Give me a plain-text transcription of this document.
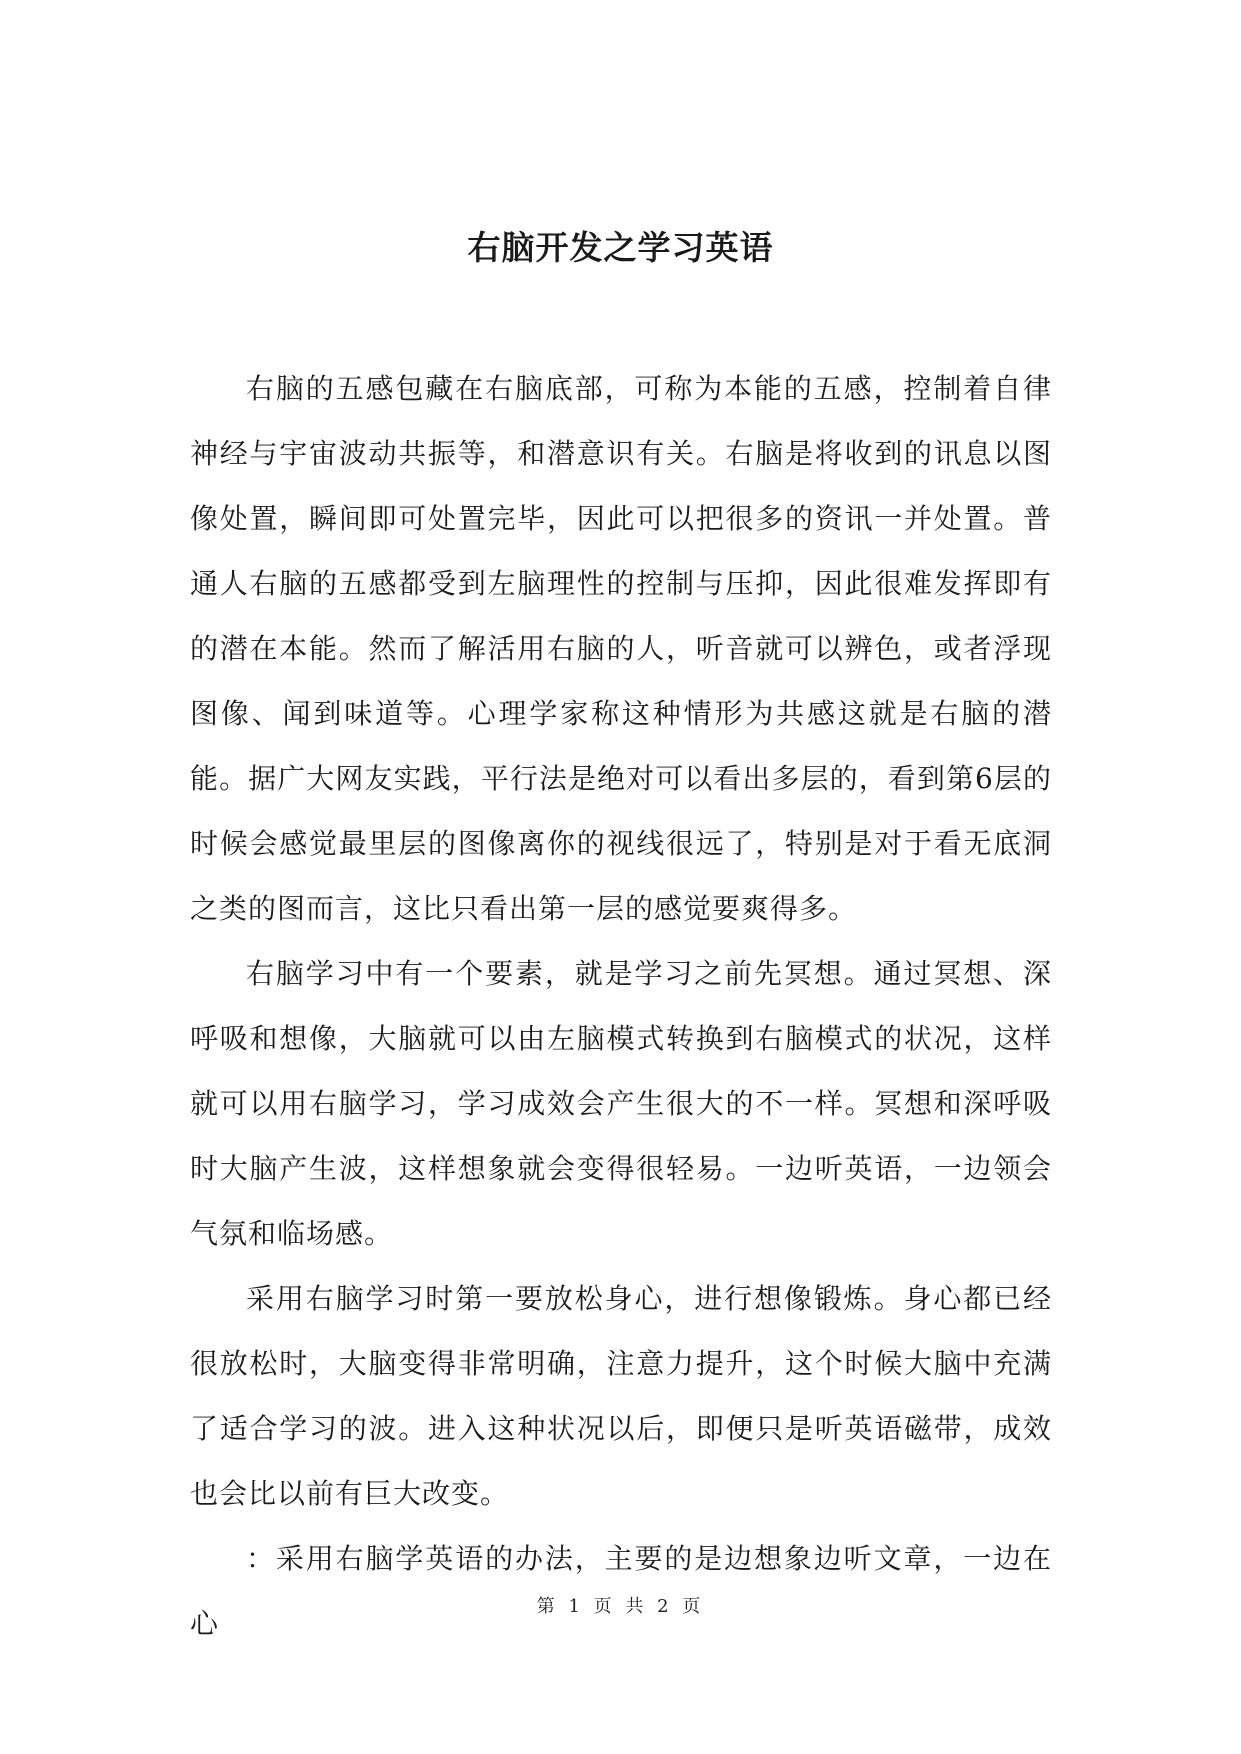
右脑开发之学习英语

右脑的五感包藏在右脑底部，可称为本能的五感，控制着自律神经与宇宙波动共振等，和潜意识有关。右脑是将收到的讯息以图像处置，瞬间即可处置完毕，因此可以把很多的资讯一并处置。普通人右脑的五感都受到左脑理性的控制与压抑，因此很难发挥即有的潜在本能。然而了解活用右脑的人，听音就可以辨色，或者浮现图像、闻到味道等。心理学家称这种情形为共感这就是右脑的潜能。据广大网友实践，平行法是绝对可以看出多层的，看到第6层的时候会感觉最里层的图像离你的视线很远了，特别是对于看无底洞之类的图而言，这比只看出第一层的感觉要爽得多。

右脑学习中有一个要素，就是学习之前先冥想。通过冥想、深呼吸和想像，大脑就可以由左脑模式转换到右脑模式的状况，这样就可以用右脑学习，学习成效会产生很大的不一样。冥想和深呼吸时大脑产生波，这样想象就会变得很轻易。一边听英语，一边领会气氛和临场感。

采用右脑学习时第一要放松身心，进行想像锻炼。身心都已经很放松时，大脑变得非常明确，注意力提升，这个时候大脑中充满了适合学习的波。进入这种状况以后，即便只是听英语磁带，成效也会比以前有巨大改变。

：采用右脑学英语的办法，主要的是边想象边听文章，一边在心

第 1 页 共 2 页
